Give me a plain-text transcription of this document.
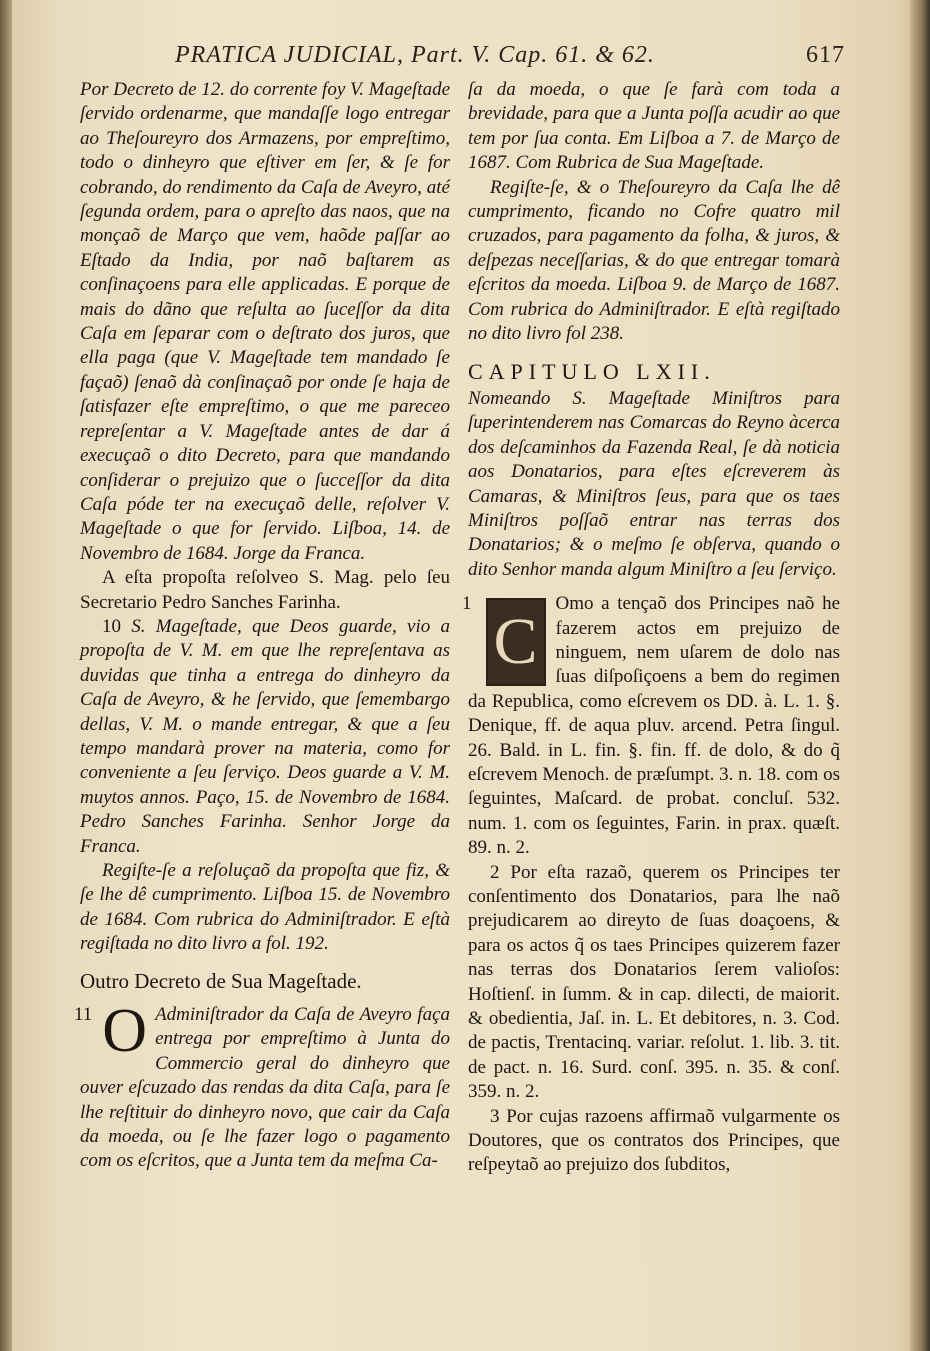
PRATICA JUDICIAL, Part. V. Cap. 61. & 62.	617

Por Decreto de 12. do corrente foy V. Mageſtade ſervido ordenarme, que mandaſſe logo entregar ao Theſoureyro dos Armazens, por empreſtimo, todo o dinheyro que eſtiver em ſer, & ſe for cobrando, do rendimento da Caſa de Aveyro, até ſegunda ordem, para o apreſto das naos, que na monçaõ de Março que vem, haõde paſſar ao Eſtado da India, por naõ baſtarem as conſinaçoens para elle applicadas. E porque de mais do dãno que reſulta ao ſuceſſor da dita Caſa em ſeparar com o deſtrato dos juros, que ella paga (que V. Mageſtade tem mandado ſe façaõ) ſenaõ dà conſinaçaõ por onde ſe haja de ſatisfazer eſte empreſtimo, o que me pareceo repreſentar a V. Mageſtade antes de dar á execuçaõ o dito Decreto, para que mandando conſiderar o prejuizo que o ſucceſſor da dita Caſa póde ter na execuçaõ delle, reſolver V. Mageſtade o que for ſervido. Liſboa, 14. de Novembro de 1684. Jorge da Franca.

A eſta propoſta reſolveo S. Mag. pelo ſeu Secretario Pedro Sanches Farinha.

10 S. Mageſtade, que Deos guarde, vio a propoſta de V. M. em que lhe repreſentava as duvidas que tinha a entrega do dinheyro da Caſa de Aveyro, & he ſervido, que ſemembargo dellas, V. M. o mande entregar, & que a ſeu tempo mandarà prover na materia, como for conveniente a ſeu ſerviço. Deos guarde a V. M. muytos annos. Paço, 15. de Novembro de 1684. Pedro Sanches Farinha. Senhor Jorge da Franca.

Regiſte-ſe a reſoluçaõ da propoſta que fiz, & ſe lhe dê cumprimento. Liſboa 15. de Novembro de 1684. Com rubrica do Adminiſtrador. E eſtà regiſtada no dito livro a fol. 192.

Outro Decreto de Sua Mageſtade.

11 O Adminiſtrador da Caſa de Aveyro faça entrega por empreſtimo à Junta do Commercio geral do dinheyro que ouver eſcuzado das rendas da dita Caſa, para ſe lhe reſtituir do dinheyro novo, que cair da Caſa da moeda, ou ſe lhe fazer logo o pagamento com os eſcritos, que a Junta tem da meſma Ca-

ſa da moeda, o que ſe farà com toda a brevidade, para que a Junta poſſa acudir ao que tem por ſua conta. Em Liſboa a 7. de Março de 1687. Com Rubrica de Sua Mageſtade.

Regiſte-ſe, & o Theſoureyro da Caſa lhe dê cumprimento, ficando no Cofre quatro mil cruzados, para pagamento da folha, & juros, & deſpezas neceſſarias, & do que entregar tomarà eſcritos da moeda. Liſboa 9. de Março de 1687. Com rubrica do Adminiſtrador. E eſtà regiſtado no dito livro fol 238.

CAPITULO LXII.

Nomeando S. Mageſtade Miniſtros para ſuperintenderem nas Comarcas do Reyno àcerca dos deſcaminhos da Fazenda Real, ſe dà noticia aos Donatarios, para eſtes eſcreverem às Camaras, & Miniſtros ſeus, para que os taes Miniſtros poſſaõ entrar nas terras dos Donatarios; & o meſmo ſe obſerva, quando o dito Senhor manda algum Miniſtro a ſeu ſerviço.

1
C
Omo a tençaõ dos Principes naõ he fazerem actos em prejuizo de ninguem, nem uſarem de dolo nas ſuas diſpoſiçoens a bem do regimen da Republica, como eſcrevem os DD. à. L. 1. §. Denique, ff. de aqua pluv. arcend. Petra ſingul. 26. Bald. in L. fin. §. fin. ff. de dolo, & do q̃ eſcrevem Menoch. de præſumpt. 3. n. 18. com os ſeguintes, Maſcard. de probat. concluſ. 532. num. 1. com os ſeguintes, Farin. in prax. quæſt. 89. n. 2.

2 Por eſta razaõ, querem os Principes ter conſentimento dos Donatarios, para lhe naõ prejudicarem ao direyto de ſuas doaçoens, & para os actos q̃ os taes Principes quizerem fazer nas terras dos Donatarios ſerem valioſos: Hoſtienſ. in ſumm. & in cap. dilecti, de maiorit. & obedientia, Jaſ. in. L. Et debitores, n. 3. Cod. de pactis, Trentacinq. variar. reſolut. 1. lib. 3. tit. de pact. n. 16. Surd. conſ. 395. n. 35. & conſ. 359. n. 2.

3 Por cujas razoens affirmaõ vulgarmente os Doutores, que os contratos dos Principes, que reſpeytaõ ao prejuizo dos ſubditos,
